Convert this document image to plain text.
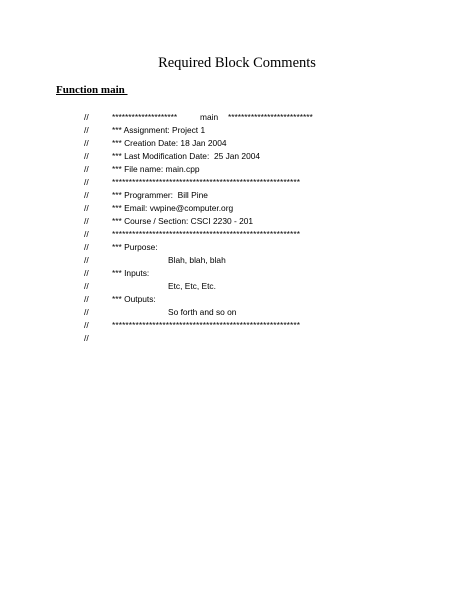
Required Block Comments
Function main
//	********************	main **************************
//	*** Assignment: Project 1
//	*** Creation Date: 18 Jan 2004
//	*** Last Modification Date:  25 Jan 2004
//	*** File name: main.cpp
//	********************************************************
//	*** Programmer:  Bill Pine
//	*** Email: vwpine@computer.org
//	*** Course / Section: CSCI 2230 - 201
//	********************************************************
//	*** Purpose:
//	Blah, blah, blah
//	*** Inputs:
//	Etc, Etc, Etc.
//	*** Outputs:
//	So forth and so on
//	********************************************************
//
